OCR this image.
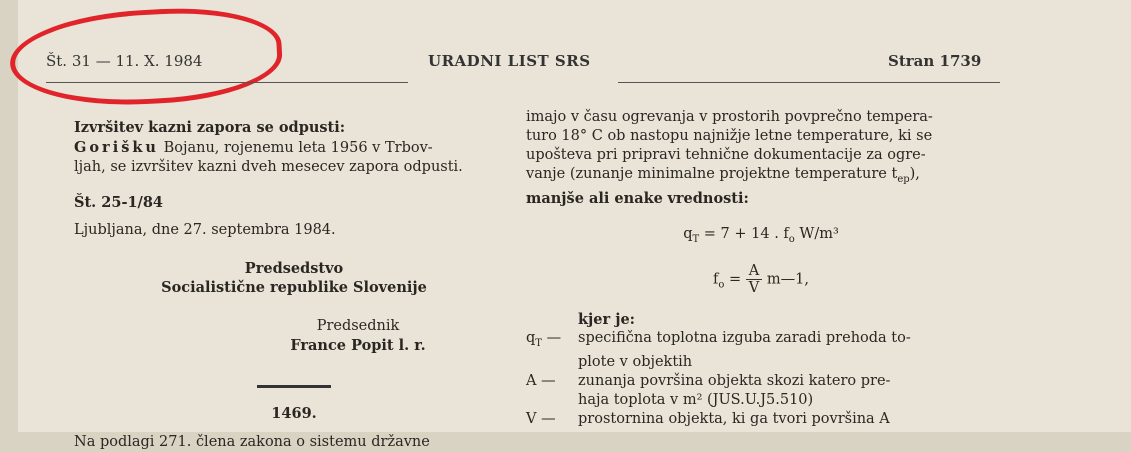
Št. 31 — 11. X. 1984	URADNI LIST SRS	Stran 1739

Izvršitev kazni zapora se odpusti:

Gorišku Bojanu, rojenemu leta 1956 v Trbov-

ljah, se izvršitev kazni dveh mesecev zapora odpusti.

Št. 25-1/84

Ljubljana, dne 27. septembra 1984.

Predsedstvo

Socialistične republike Slovenije

Predsednik

France Popit l. r.

1469.

Na podlagi 271. člena zakona o sistemu državne

imajo v času ogrevanja v prostorih povprečno tempera-

turo 18° C ob nastopu najnižje letne temperature, ki se

upošteva pri pripravi tehnične dokumentacije za ogre-

vanje (zunanje minimalne projektne temperature $t_{ep}$),

manjše ali enake vrednosti:

$q_T = 7 + 14$ . $f_o$ W/m³

$f_o = \frac{A}{V}$ m—1,

kjer je:

$q_T$ —	specifična toplotna izguba zaradi prehoda to-

plote v objektih

A —	zunanja površina objekta skozi katero pre-

haja toplota v m² (JUS.U.J5.510)

V —	prostornina objekta, ki ga tvori površina A
